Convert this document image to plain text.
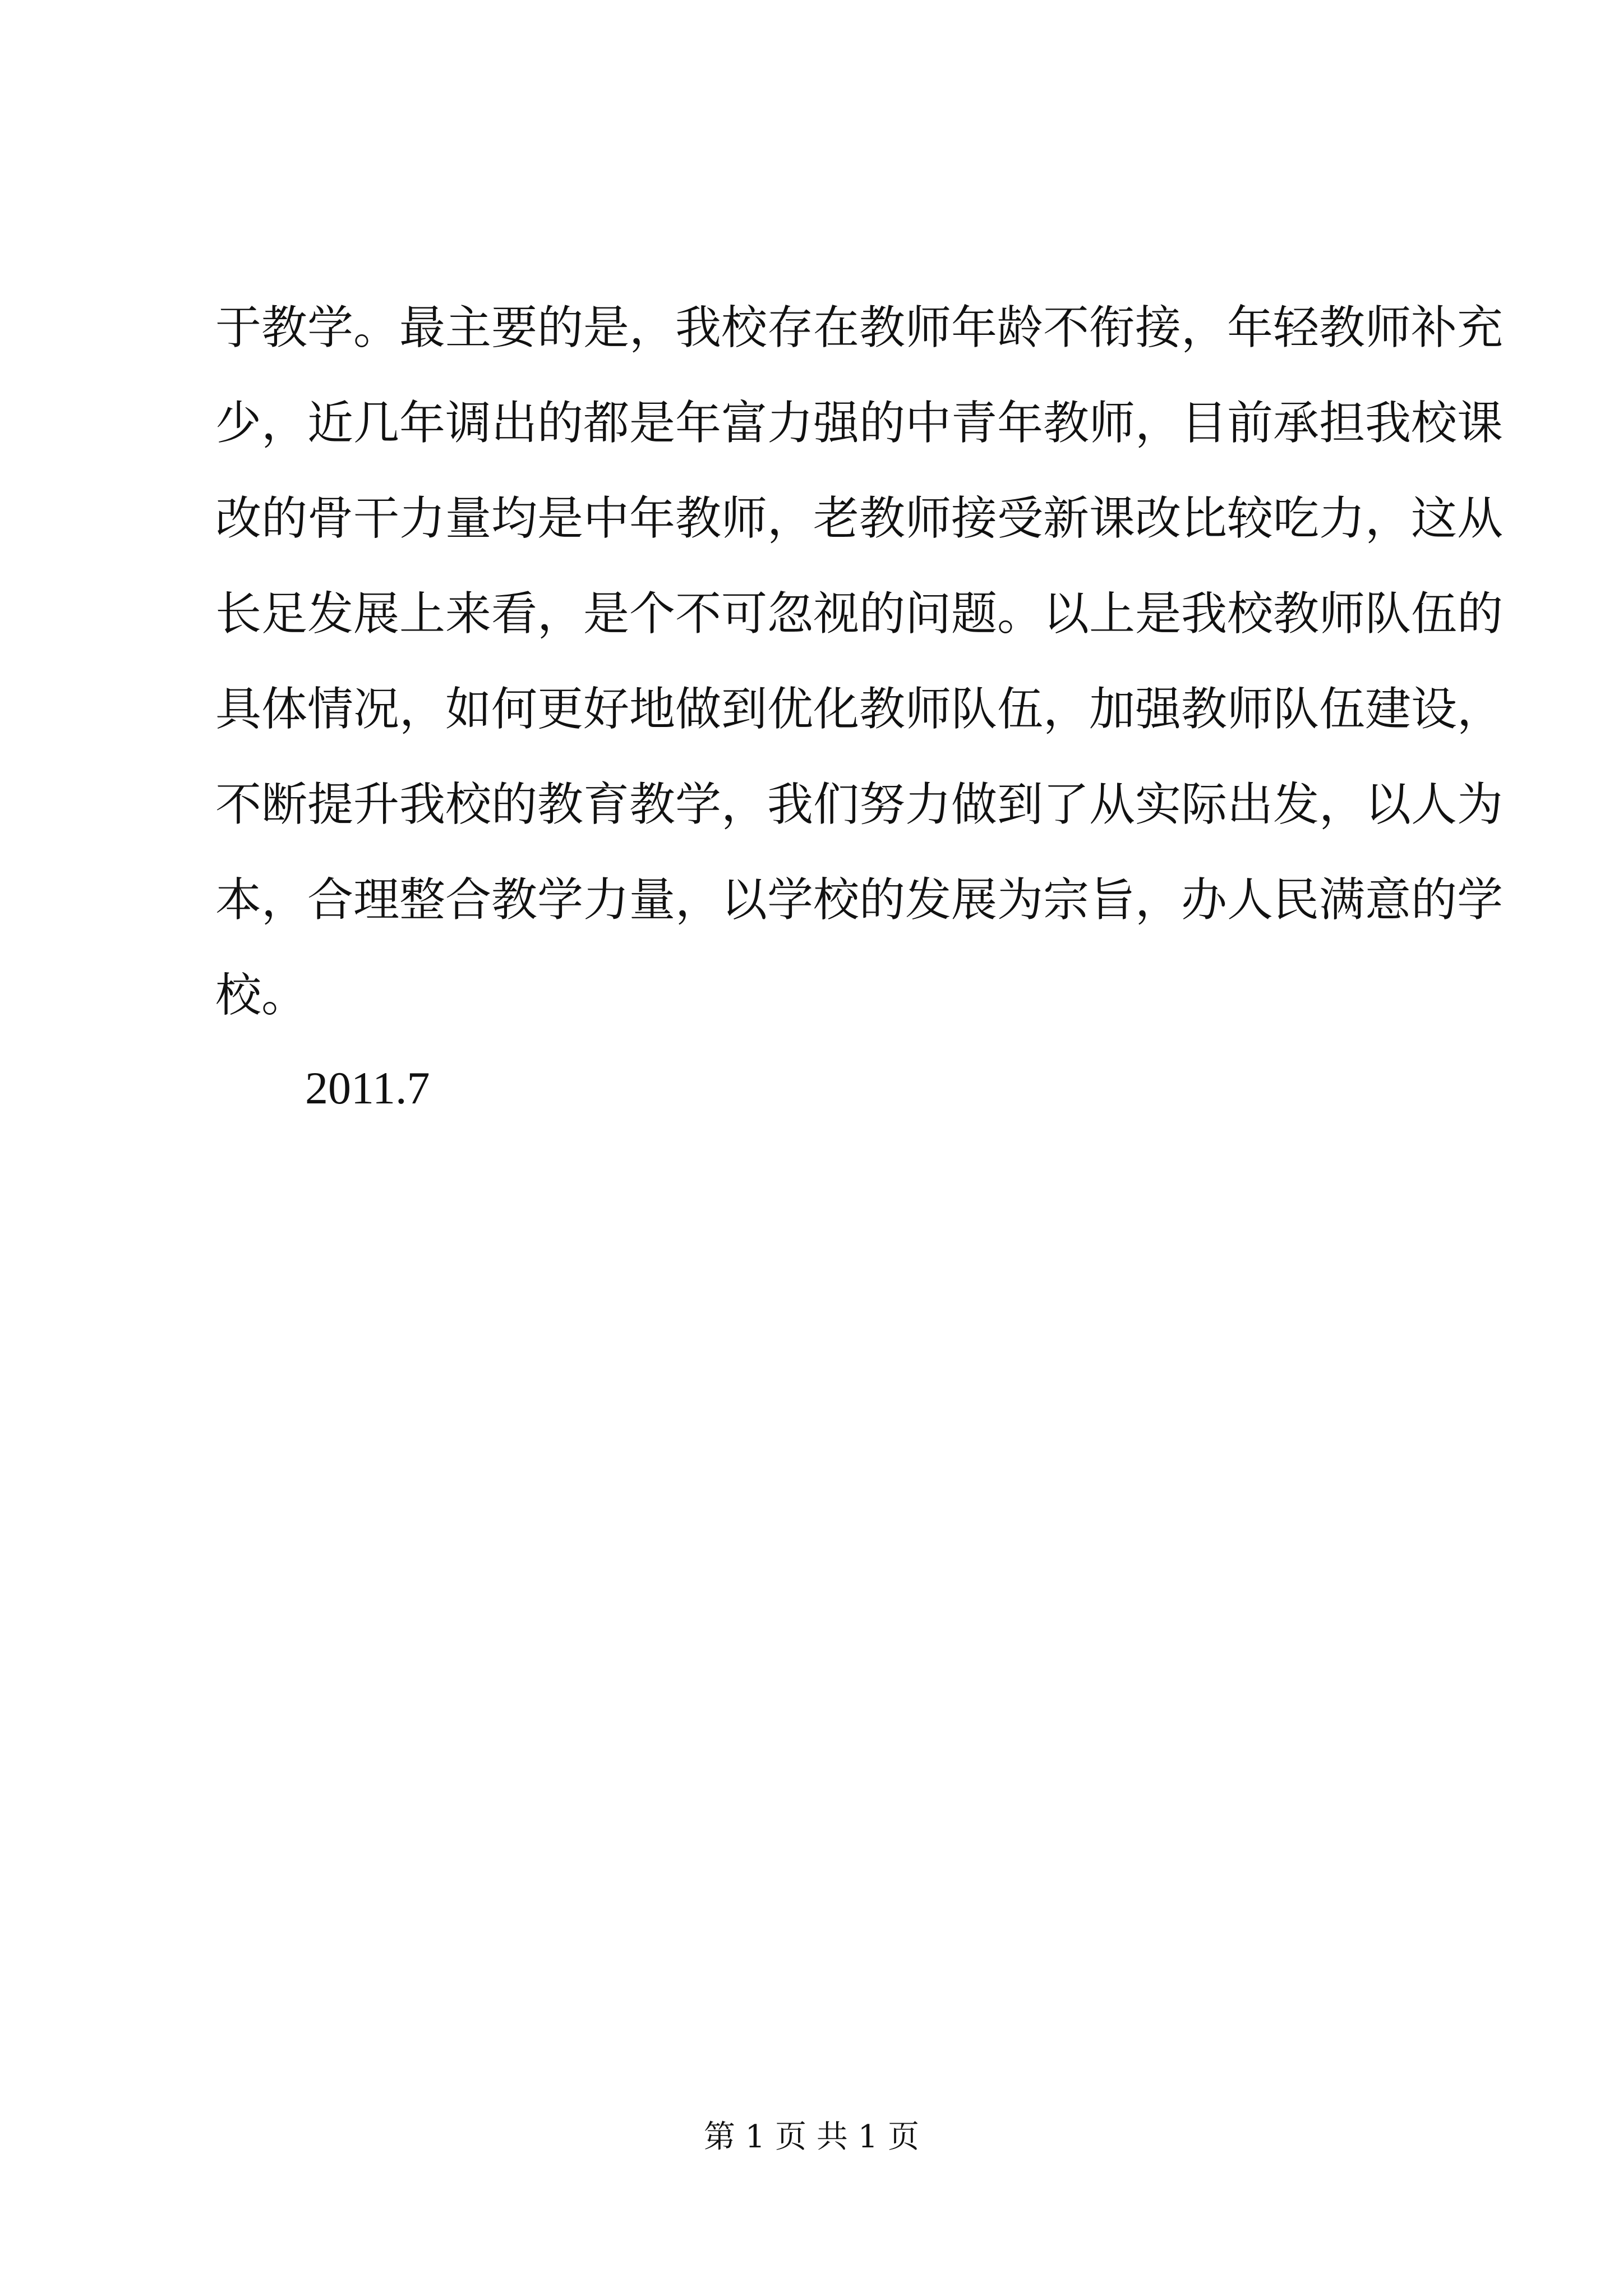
于教学。最主要的是，我校存在教师年龄不衔接，年轻教师补充
少，近几年调出的都是年富力强的中青年教师，目前承担我校课
改的骨干力量均是中年教师，老教师接受新课改比较吃力，这从
长足发展上来看，是个不可忽视的问题。以上是我校教师队伍的
具体情况，如何更好地做到优化教师队伍，加强教师队伍建设，
不断提升我校的教育教学，我们努力做到了从实际出发，以人为
本，合理整合教学力量，以学校的发展为宗旨，办人民满意的学
校。
2011.7
第 1 页 共 1 页
